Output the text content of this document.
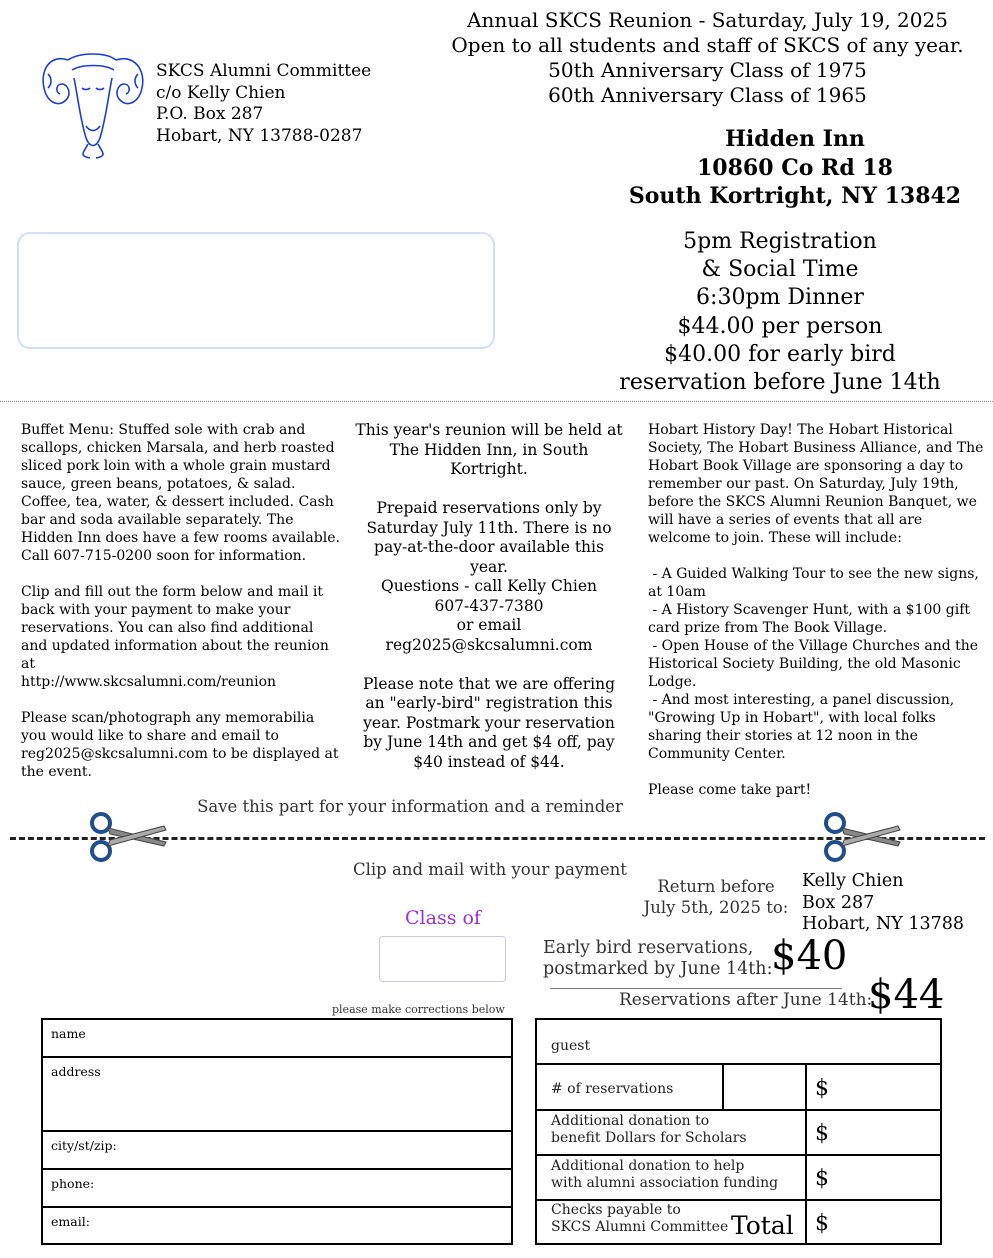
SKCS Alumni Committee
c/o Kelly Chien
P.O. Box 287
Hobart, NY 13788-0287
Annual SKCS Reunion - Saturday, July 19, 2025
Open to all students and staff of SKCS of any year.
50th Anniversary Class of 1975
60th Anniversary Class of 1965
Hidden Inn
10860 Co Rd 18
South Kortright, NY 13842
5pm Registration
& Social Time
6:30pm Dinner
$44.00 per person
$40.00 for early bird
reservation before June 14th
Buffet Menu: Stuffed sole with crab and scallops, chicken Marsala, and herb roasted sliced pork loin with a whole grain mustard sauce, green beans, potatoes, & salad. Coffee, tea, water, & dessert included. Cash bar and soda available separately. The Hidden Inn does have a few rooms available. Call 607-715-0200 soon for information.

Clip and fill out the form below and mail it back with your payment to make your reservations. You can also find additional and updated information about the reunion at
http://www.skcsalumni.com/reunion

Please scan/photograph any memorabilia you would like to share and email to reg2025@skcsalumni.com to be displayed at the event.
This year's reunion will be held at The Hidden Inn, in South Kortright.

Prepaid reservations only by Saturday July 11th. There is no pay-at-the-door available this year.
Questions - call Kelly Chien
607-437-7380
or email
reg2025@skcsalumni.com

Please note that we are offering an "early-bird" registration this year. Postmark your reservation by June 14th and get $4 off, pay $40 instead of $44.
Hobart History Day! The Hobart Historical Society, The Hobart Business Alliance, and The Hobart Book Village are sponsoring a day to remember our past. On Saturday, July 19th, before the SKCS Alumni Reunion Banquet, we will have a series of events that all are welcome to join. These will include:

- A Guided Walking Tour to see the new signs, at 10am
- A History Scavenger Hunt, with a $100 gift card prize from The Book Village.
- Open House of the Village Churches and the Historical Society Building, the old Masonic Lodge.
- And most interesting, a panel discussion, "Growing Up in Hobart", with local folks sharing their stories at 12 noon in the Community Center.

Please come take part!
Save this part for your information and a reminder
Clip and mail with your payment
Return before
July 5th, 2025 to:
Kelly Chien
Box 287
Hobart, NY 13788
Class of
Early bird reservations,
postmarked by June 14th:
$40
Reservations after June 14th:
$44
please make corrections below
name
address
city/st/zip:
phone:
email:
guest
# of reservations	$
Additional donation to
benefit Dollars for Scholars	$
Additional donation to help
with alumni association funding $
Checks payable to
SKCS Alumni Committee Total $
